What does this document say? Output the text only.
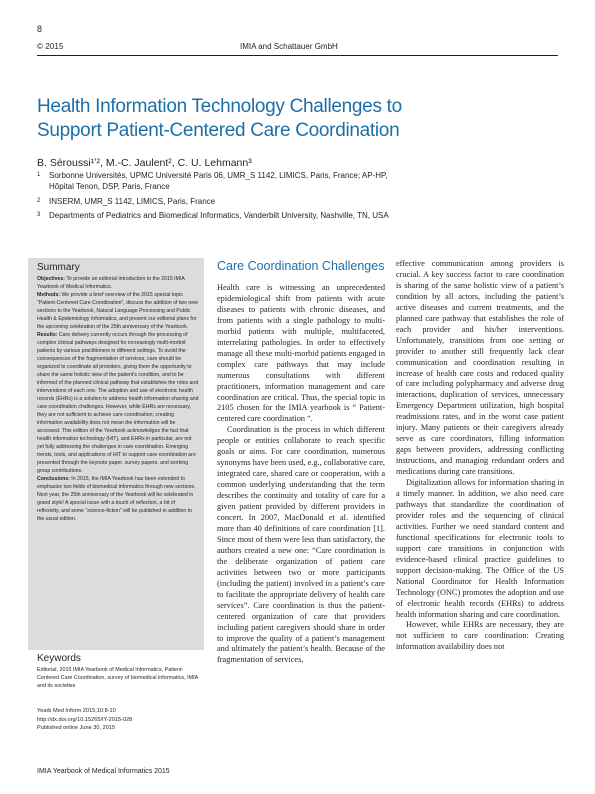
8
© 2015	IMIA and Schattauer GmbH
Health Information Technology Challenges to
Support Patient-Centered Care Coordination
B. Séroussi¹ʼ², M.-C. Jaulent², C. U. Lehmann³
1 Sorbonne Universités, UPMC Université Paris 06, UMR_S 1142, LIMICS, Paris, France; AP-HP, Hôpital Tenon, DSP, Paris, France
2 INSERM, UMR_S 1142, LIMICS, Paris, France
3 Departments of Pediatrics and Biomedical Informatics, Vanderbilt University, Nashville, TN, USA
Summary

Objectives: To provide an editorial introduction to the 2015 IMIA Yearbook of Medical Informatics.

Methods: We provide a brief overview of the 2015 special topic “Patient-Centered Care Coordination”, discuss the addition of two new sections to the Yearbook, Natural Language Processing and Public Health & Epidemiology Informatics, and present our editorial plans for the upcoming celebration of the 25th anniversary of the Yearbook.

Results: Care delivery currently occurs through the processing of complex clinical pathways designed for increasingly multi-morbid patients by various practitioners in different settings. To avoid the consequences of the fragmentation of services, care should be organized to coordinate all providers, giving them the opportunity to share the same holistic view of the patient’s condition, and to be informed of the planned clinical pathway that establishes the roles and interventions of each one. The adoption and use of electronic health records (EHRs) is a solution to address health information sharing and care coordination challenges. However, while EHRs are necessary, they are not sufficient to achieve care coordination; creating information availability does not mean the information will be accessed. This edition of the Yearbook acknowledges the fact that health information technology (HIT), and EHRs in particular, are not yet fully addressing the challenges in care coordination. Emerging trends, tools, and applications of HIT to support care coordination are presented through the keynote paper, survey papers, and working group contributions.

Conclusions: In 2015, the IMIA Yearbook has been extended to emphasize two fields of biomedical informatics through new sections. Next year, the 25th anniversary of the Yearbook will be celebrated in grand style! A special issue with a touch of reflection, a bit of reflexivity, and some “science-fiction” will be published in addition to the usual edition.

Keywords
Editorial, 2015 IMIA Yearbook of Medical Informatics, Patient-Centered Care Coordination, survey of biomedical informatics, IMIA and its societies
Yearb Med Inform 2015;10:8-10
http://dx.doi.org/10.15265/IY-2015-028
Published online June 30, 2015
Care Coordination Challenges

Health care is witnessing an unprecedented epidemiological shift from patients with acute diseases to patients with chronic diseases, and from patients with a single pathology to multi-morbid patients with multiple, multifaceted, interrelating pathologies. In order to effectively manage all these multi-morbid patients engaged in complex care pathways that may include numerous consultations with different practitioners, information management and care coordination are critical. Thus, the special topic in 2105 chosen for the IMIA yearbook is “ Patient-centered care coordination “.

Coordination is the process in which different people or entities collaborate to reach specific goals or aims. For care coordination, numerous synonyms have been used, e.g., collaborative care, integrated care, shared care or cooperation, with a common underlying understanding that the term describes the continuity and totality of care for a given patient provided by different providers in concert. In 2007, MacDonald et al. identified more than 40 definitions of care coordination [1]. Since most of them were less than satisfactory, the authors created a new one: “Care coordination is the deliberate organization of patient care activities between two or more participants (including the patient) involved in a patient’s care to facilitate the appropriate delivery of health care services”. Care coordination is thus the patient-centered organization of care that providers including patient caregivers should share in order to improve the quality of a patient’s management and ultimately the patient’s health. Because of the fragmentation of services,

effective communication among providers is crucial. A key success factor to care coordination is sharing of the same holistic view of a patient’s condition by all actors, including the patient’s active diseases and current treatments, and the planned care pathway that establishes the role of each provider and his/her interventions. Unfortunately, transitions from one setting or provider to another still frequently lack clear communication and coordination resulting in increase of health care costs and reduced quality of care including polypharmacy and adverse drug interactions, duplication of services, unnecessary Emergency Department utilization, high hospital readmissions rates, and in the worst case patient injury. Many patients or their caregivers already serve as care coordinators, filling information gaps between providers, addressing conflicting instructions, and managing redundant orders and medications during care transitions.

Digitalization allows for information sharing in a timely manner. In addition, we also need care pathways that standardize the coordination of provider roles and the sequencing of clinical activities. Further we need standard content and functional specifications for electronic tools to support care transitions in conjunction with evidence-based clinical practice guidelines to support decision-making. The Office of the US National Coordinator for Health Information Technology (ONC) promotes the adoption and use of electronic health records (EHRs) to address health information sharing and care coordination.

However, while EHRs are necessary, they are not sufficient to care coordination: Creating information availability does not

IMIA Yearbook of Medical Informatics 2015
